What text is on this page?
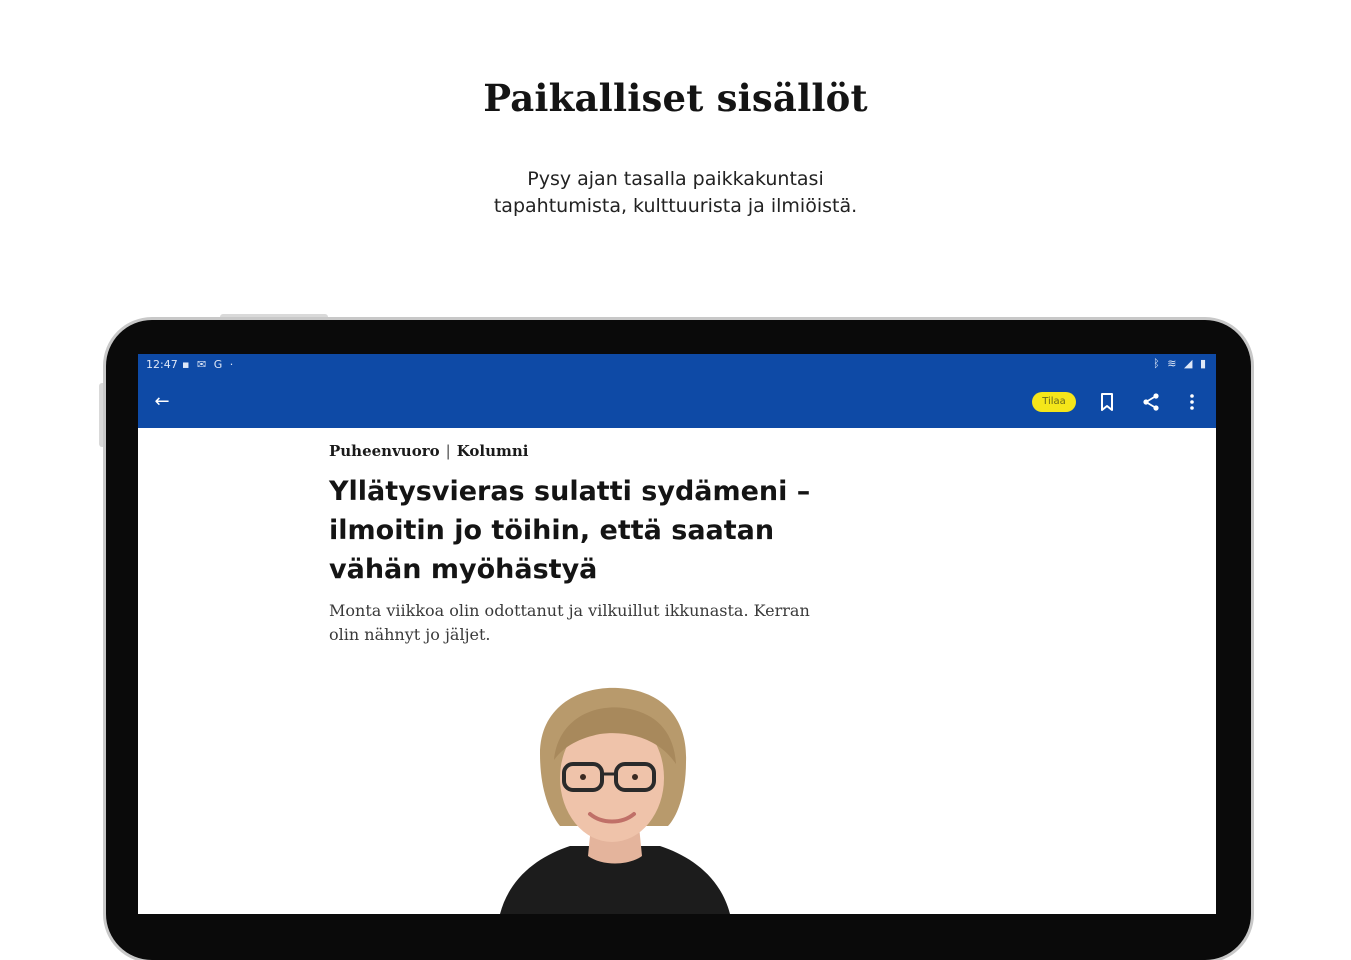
Paikalliset sisällöt
Pysy ajan tasalla paikkakuntasi
tapahtumista, kulttuurista ja ilmiöistä.
12:47 ▪ ✉ G ·	ᛒ ≋ ◢ ▮
←	Tilaa
Puheenvuoro | Kolumni
Yllätysvieras sulatti sydämeni – ilmoitin jo töihin, että saatan vähän myöhästyä
Monta viikkoa olin odottanut ja vilkuillut ikkunasta. Kerran olin nähnyt jo jäljet.
